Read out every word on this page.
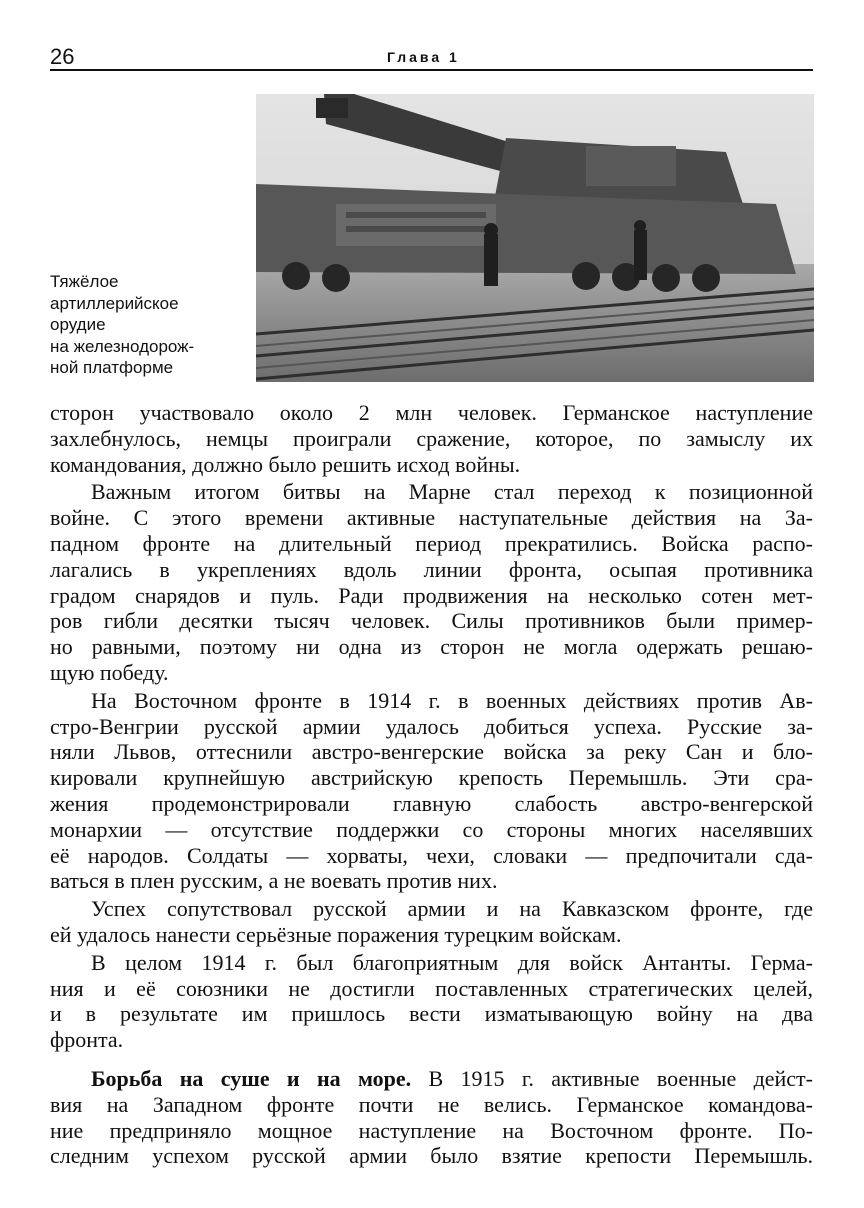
26	Глава 1
Тяжёлое
артиллерийское
орудие
на железнодорож-
ной платформе

сторон участвовало около 2 млн человек. Германское наступление
захлебнулось, немцы проиграли сражение, которое, по замыслу их
командования, должно было решить исход войны.

Важным итогом битвы на Марне стал переход к позиционной
войне. С этого времени активные наступательные действия на За-
падном фронте на длительный период прекратились. Войска распо-
лагались в укреплениях вдоль линии фронта, осыпая противника
градом снарядов и пуль. Ради продвижения на несколько сотен мет-
ров гибли десятки тысяч человек. Силы противников были пример-
но равными, поэтому ни одна из сторон не могла одержать решаю-
щую победу.

На Восточном фронте в 1914 г. в военных действиях против Ав-
стро-Венгрии русской армии удалось добиться успеха. Русские за-
няли Львов, оттеснили австро-венгерские войска за реку Сан и бло-
кировали крупнейшую австрийскую крепость Перемышль. Эти сра-
жения продемонстрировали главную слабость австро-венгерской
монархии — отсутствие поддержки со стороны многих населявших
её народов. Солдаты — хорваты, чехи, словаки — предпочитали сда-
ваться в плен русским, а не воевать против них.

Успех сопутствовал русской армии и на Кавказском фронте, где
ей удалось нанести серьёзные поражения турецким войскам.

В целом 1914 г. был благоприятным для войск Антанты. Герма-
ния и её союзники не достигли поставленных стратегических целей,
и в результате им пришлось вести изматывающую войну на два
фронта.

Борьба на суше и на море. В 1915 г. активные военные дейст-
вия на Западном фронте почти не велись. Германское командова-
ние предприняло мощное наступление на Восточном фронте. По-
следним успехом русской армии было взятие крепости Перемышль.
